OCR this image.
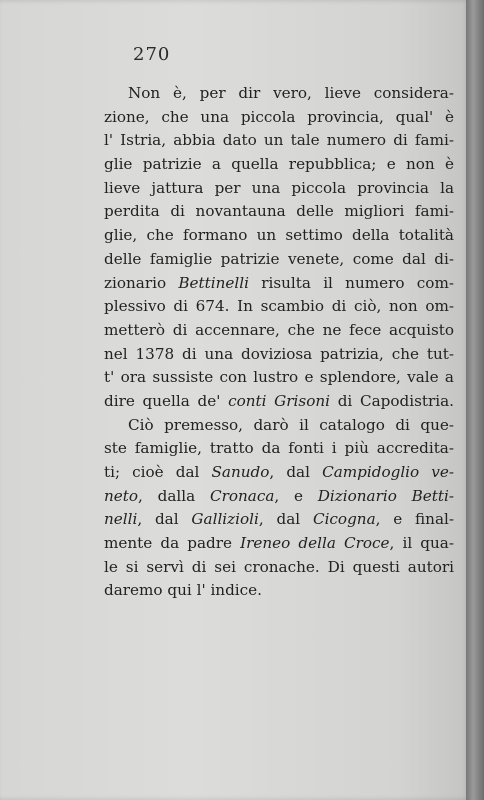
270
Non è, per dir vero, lieve considera-
zione, che una piccola provincia, qual' è
l' Istria, abbia dato un tale numero di fami-
glie patrizie a quella repubblica; e non è
lieve jattura per una piccola provincia la
perdita di novantauna delle migliori fami-
glie, che formano un settimo della totalità
delle famiglie patrizie venete, come dal di-
zionario Bettinelli risulta il numero com-
plessivo di 674. In scambio di ciò, non om-
metterò di accennare, che ne fece acquisto
nel 1378 di una doviziosa patrizia, che tut-
t' ora sussiste con lustro e splendore, vale a
dire quella de' conti Grisoni di Capodistria.
Ciò premesso, darò il catalogo di que-
ste famiglie, tratto da fonti i più accredita-
ti; cioè dal Sanudo, dal Campidoglio ve-
neto, dalla Cronaca, e Dizionario Betti-
nelli, dal Gallizioli, dal Cicogna, e final-
mente da padre Ireneo della Croce, il qua-
le si servì di sei cronache. Di questi autori
daremo qui l' indice.
